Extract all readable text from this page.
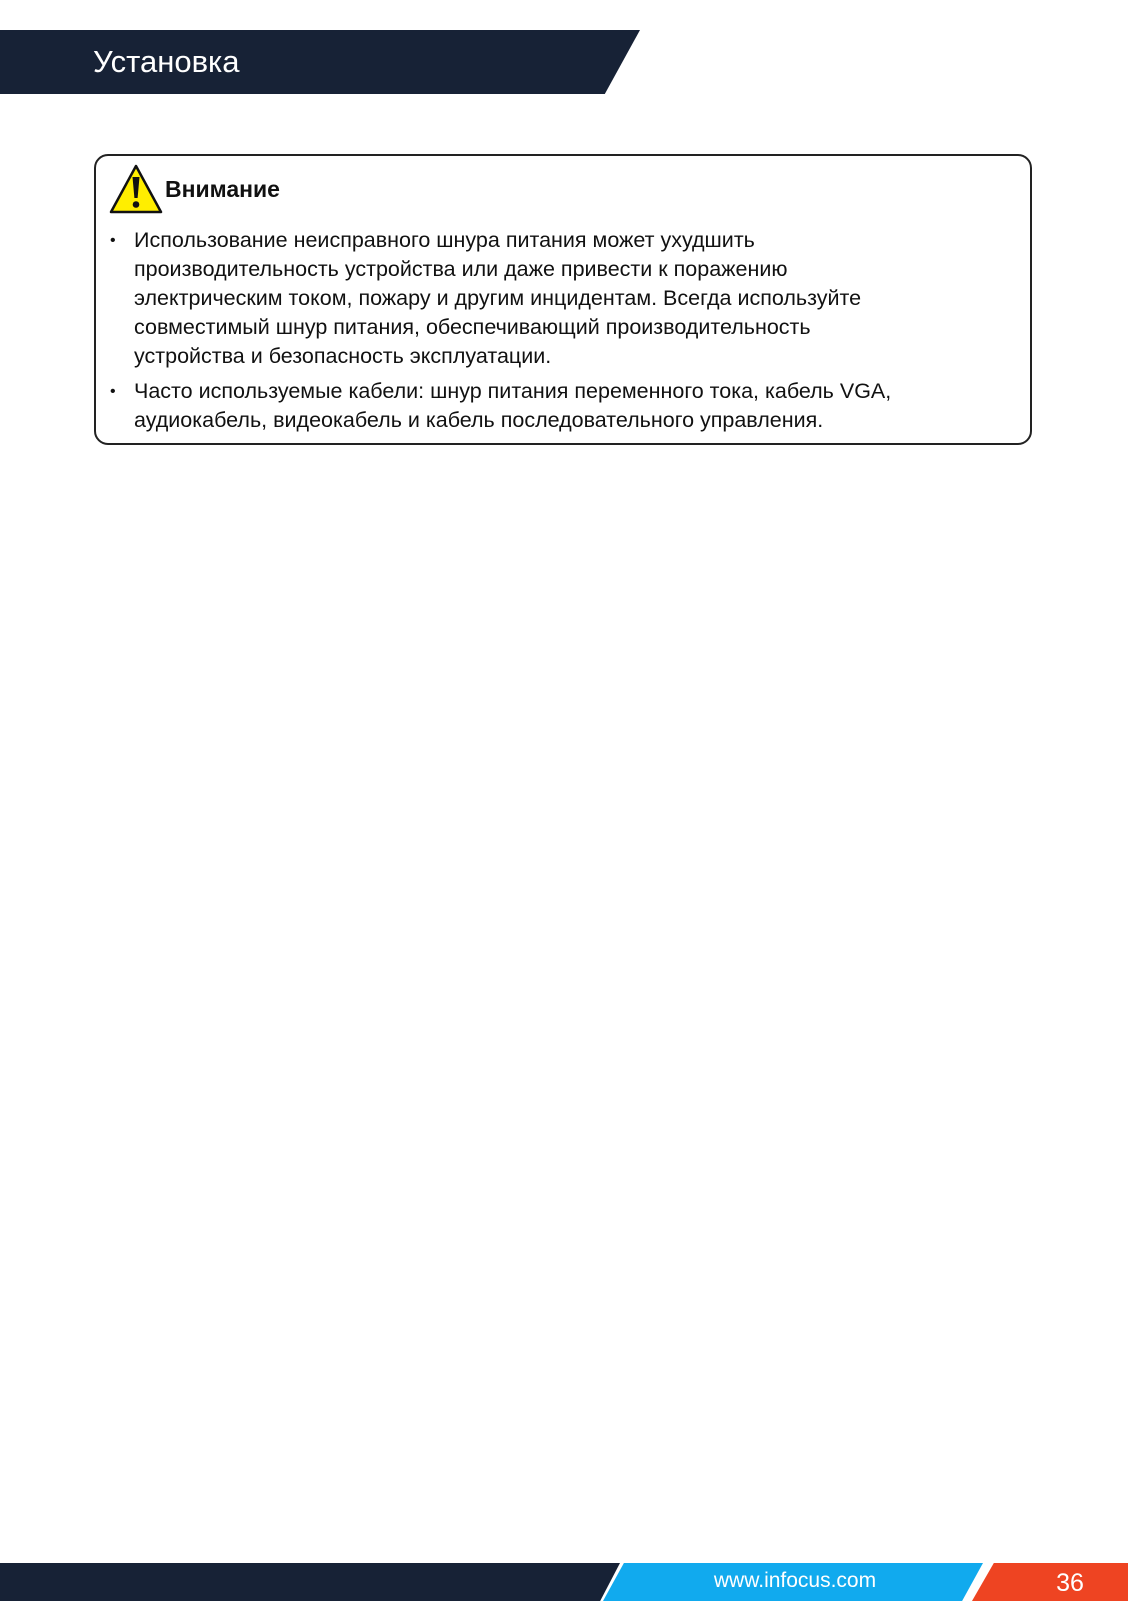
Установка
Внимание
• Использование неисправного шнура питания может ухудшить
производительность устройства или даже привести к поражению
электрическим током, пожару и другим инцидентам. Всегда используйте
совместимый шнур питания, обеспечивающий производительность
устройства и безопасность эксплуатации.
• Часто используемые кабели: шнур питания переменного тока, кабель VGA,
аудиокабель, видеокабель и кабель последовательного управления.
www.infocus.com	36
